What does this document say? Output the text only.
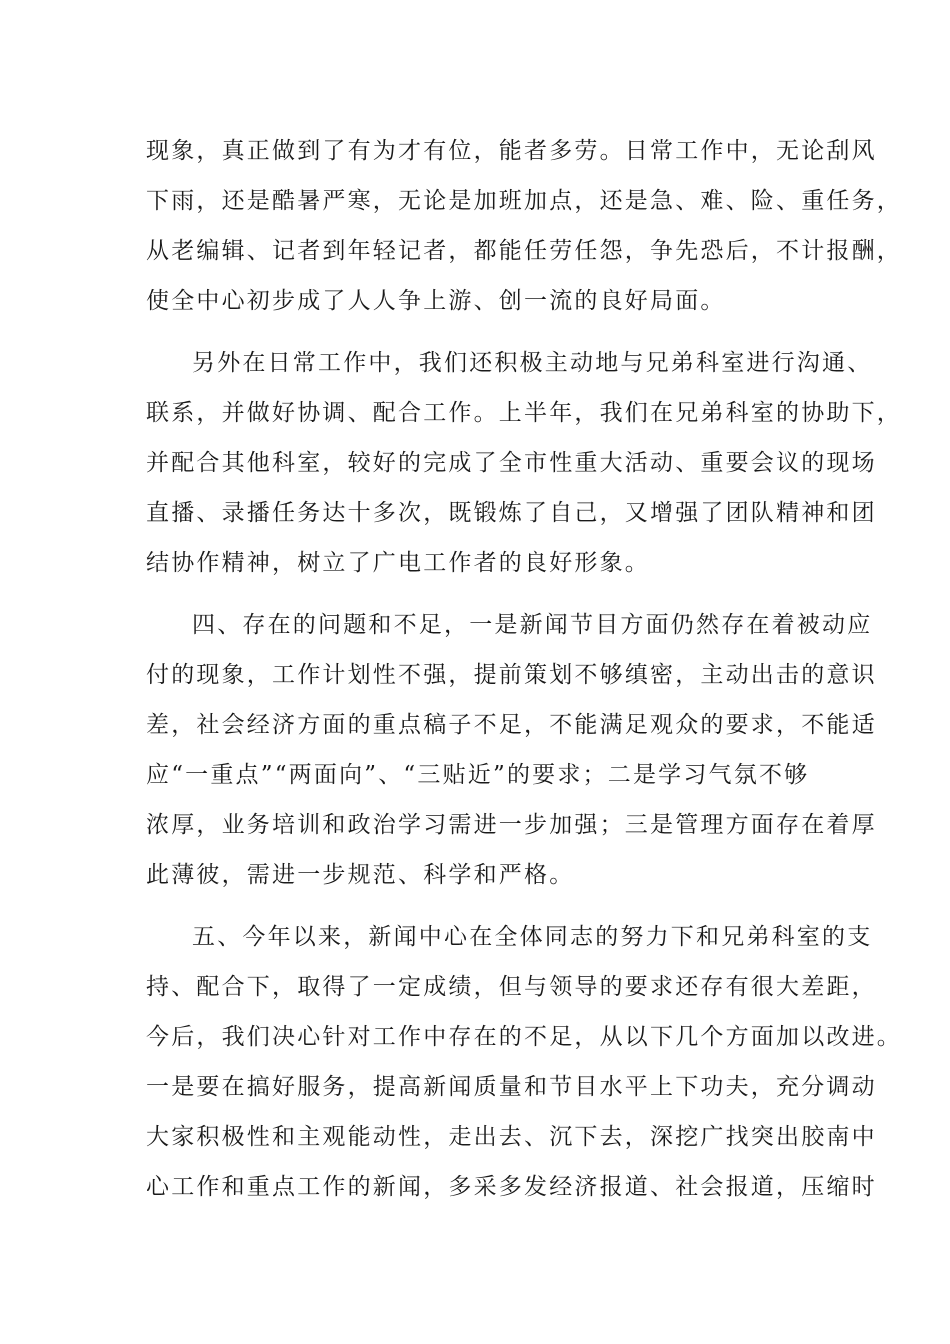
现象，真正做到了有为才有位，能者多劳。日常工作中，无论刮风
下雨，还是酷暑严寒，无论是加班加点，还是急、难、险、重任务，
从老编辑、记者到年轻记者，都能任劳任怨，争先恐后，不计报酬，
使全中心初步成了人人争上游、创一流的良好局面。
另外在日常工作中，我们还积极主动地与兄弟科室进行沟通、
联系，并做好协调、配合工作。上半年，我们在兄弟科室的协助下，
并配合其他科室，较好的完成了全市性重大活动、重要会议的现场
直播、录播任务达十多次，既锻炼了自己，又增强了团队精神和团
结协作精神，树立了广电工作者的良好形象。
四、存在的问题和不足，一是新闻节目方面仍然存在着被动应
付的现象，工作计划性不强，提前策划不够缜密，主动出击的意识
差，社会经济方面的重点稿子不足，不能满足观众的要求，不能适
应“一重点”“两面向”、“三贴近”的要求；二是学习气氛不够
浓厚，业务培训和政治学习需进一步加强；三是管理方面存在着厚
此薄彼，需进一步规范、科学和严格。
五、今年以来，新闻中心在全体同志的努力下和兄弟科室的支
持、配合下，取得了一定成绩，但与领导的要求还存有很大差距，
今后，我们决心针对工作中存在的不足，从以下几个方面加以改进。
一是要在搞好服务，提高新闻质量和节目水平上下功夫，充分调动
大家积极性和主观能动性，走出去、沉下去，深挖广找突出胶南中
心工作和重点工作的新闻，多采多发经济报道、社会报道，压缩时
